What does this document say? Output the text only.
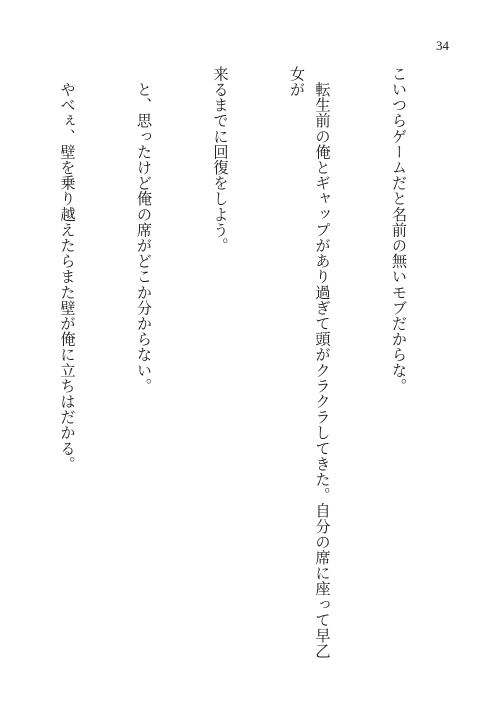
34

こいつらゲームだと名前の無いモブだからな。

　転生前の俺とギャップがあり過ぎて頭がクラクラしてきた。自分の席に座って早乙女が

来るまでに回復をしよう。

　と、思ったけど俺の席がどこか分からない。

　やべぇ、壁を乗り越えたらまた壁が俺に立ちはだかる。
